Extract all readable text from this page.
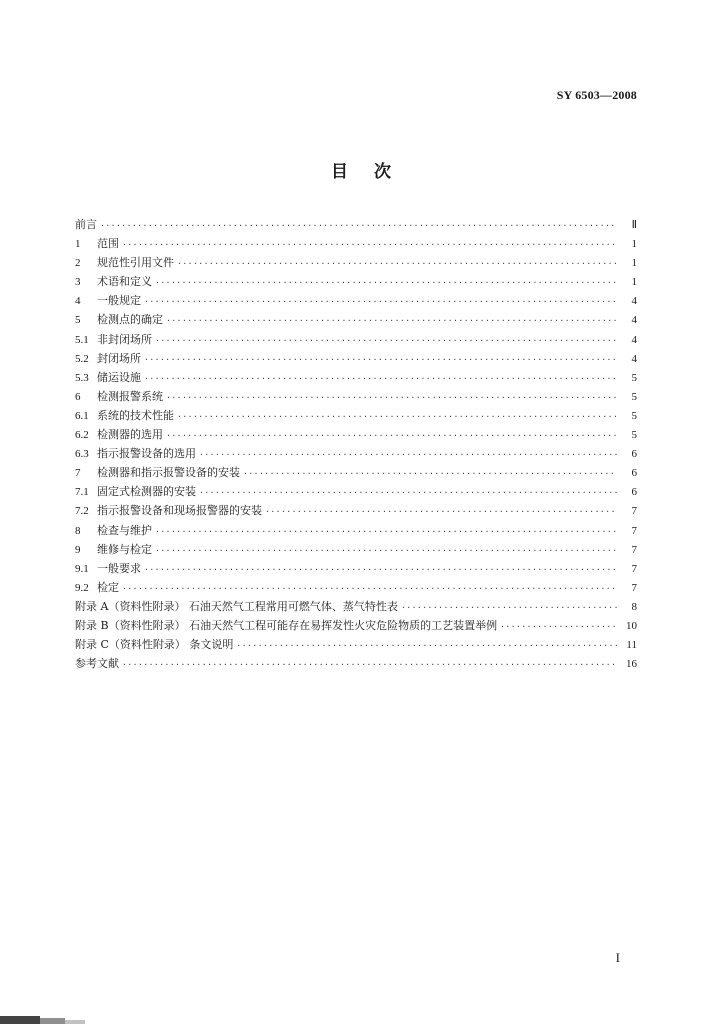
SY 6503—2008
目 次
前言 ·····	Ⅱ
1	范围 ·····	1
2	规范性引用文件 ·····	1
3	术语和定义 ·····	1
4	一般规定 ·····	4
5	检测点的确定 ·····	4
5.1 非封闭场所 ·····	4
5.2 封闭场所 ·····	4
5.3 储运设施 ·····	5
6	检测报警系统 ·····	5
6.1 系统的技术性能 ·····	5
6.2 检测器的选用 ·····	5
6.3 指示报警设备的选用 ·····	6
7	检测器和指示报警设备的安装 ·····	6
7.1 固定式检测器的安装 ·····	6
7.2 指示报警设备和现场报警器的安装 ·····	7
8	检查与维护 ·····	7
9	维修与检定 ·····	7
9.1 一般要求 ·····	7
9.2 检定 ·····	7
附录 A（资料性附录） 石油天然气工程常用可燃气体、蒸气特性表 ·····	8
附录 B（资料性附录） 石油天然气工程可能存在易挥发性火灾危险物质的工艺装置举例 ·····	10
附录 C（资料性附录） 条文说明 ·····	11
参考文献 ·····	16
I
